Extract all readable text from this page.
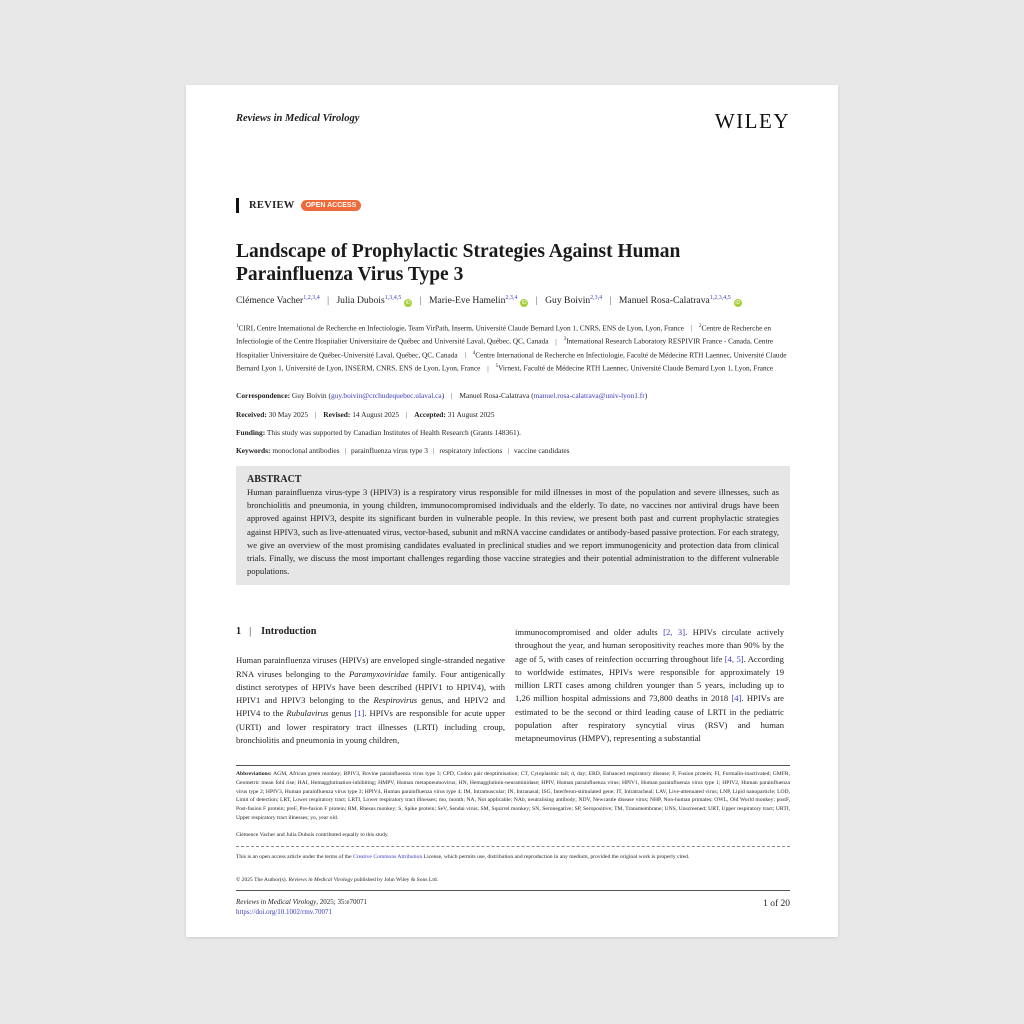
Reviews in Medical Virology	WILEY
REVIEW	OPEN ACCESS
Landscape of Prophylactic Strategies Against Human
Parainfluenza Virus Type 3
Clémence Vacher$^{1,2,3,4}$ | Julia Dubois$^{1,3,4,5}$iD | Marie-Eve Hamelin$^{2,3,4}$iD | Guy Boivin$^{2,3,4}$ | Manuel Rosa-Calatrava$^{1,2,3,4,5}$iD
$^1$CIRI, Centre International de Recherche en Infectiologie, Team VirPath, Inserm, Université Claude Bernard Lyon 1, CNRS, ENS de Lyon, Lyon, France | $^2$Centre de Recherche en Infectiologie of the Centre Hospitalier Universitaire de Québec and Université Laval, Québec, QC, Canada | $^3$International Research Laboratory RESPIVIR France - Canada, Centre Hospitalier Universitaire de Québec-Université Laval, Québec, QC, Canada | $^4$Centre International de Recherche en Infectiologie, Faculté de Médecine RTH Laennec, Université Claude Bernard Lyon 1, Université de Lyon, INSERM, CNRS, ENS de Lyon, Lyon, France | $^5$Virnext, Faculté de Médecine RTH Laennec, Université Claude Bernard Lyon 1, Lyon, France
Correspondence: Guy Boivin (guy.boivin@crchudequebec.ulaval.ca) | Manuel Rosa-Calatrava (manuel.rosa-calatrava@univ-lyon1.fr)
Received: 30 May 2025 | Revised: 14 August 2025 | Accepted: 31 August 2025
Funding: This study was supported by Canadian Institutes of Health Research (Grants 148361).
Keywords: monoclonal antibodies | parainfluenza virus type 3 | respiratory infections | vaccine candidates
ABSTRACT
Human parainfluenza virus-type 3 (HPIV3) is a respiratory virus responsible for mild illnesses in most of the population and severe illnesses, such as bronchiolitis and pneumonia, in young children, immunocompromised individuals and the elderly. To date, no vaccines nor antiviral drugs have been approved against HPIV3, despite its significant burden in vulnerable people. In this review, we present both past and current prophylactic strategies against HPIV3, such as live-attenuated virus, vector-based, subunit and mRNA vaccine candidates or antibody-based passive protection. For each strategy, we give an overview of the most promising candidates evaluated in preclinical studies and we report immunogenicity and protection data from clinical trials. Finally, we discuss the most important challenges regarding those vaccine strategies and their potential administration to the different vulnerable populations.
1 | Introduction
Human parainfluenza viruses (HPIVs) are enveloped single-stranded negative RNA viruses belonging to the Paramyxoviridae family. Four antigenically distinct serotypes of HPIVs have been described (HPIV1 to HPIV4), with HPIV1 and HPIV3 belonging to the Respirovirus genus, and HPIV2 and HPIV4 to the Rubulavirus genus [1]. HPIVs are responsible for acute upper (URTI) and lower respiratory tract illnesses (LRTI) including croup, bronchiolitis and pneumonia in young children,
immunocompromised and older adults [2, 3]. HPIVs circulate actively throughout the year, and human seropositivity reaches more than 90% by the age of 5, with cases of reinfection occurring throughout life [4, 5]. According to worldwide estimates, HPIVs were responsible for approximately 19 million LRTI cases among children younger than 5 years, including up to 1,26 million hospital admissions and 73,800 deaths in 2018 [4]. HPIVs are estimated to be the second or third leading cause of LRTI in the pediatric population after respiratory syncytial virus (RSV) and human metapneumovirus (HMPV), representing a substantial
Abbreviations: AGM, African green monkey; BPIV3, Bovine parainfluenza virus type 3; CPD, Codon pair deoptimisation; CT, Cytoplasmic tail; d, day; ERD, Enhanced respiratory disease; F, Fusion protein; FI, Formalin-inactivated; GMFR, Geometric mean fold rise; HAI, Hemagglutination-inhibiting; HMPV, Human metapneumovirus; HN, Hemagglutinin-neuraminidase; HPIV, Human parainfluenza virus; HPIV1, Human parainfluenza virus type 1; HPIV2, Human parainfluenza virus type 2; HPIV3, Human parainfluenza virus type 3; HPIV4, Human parainfluenza virus type 4; IM, Intramuscular; IN, Intranasal; ISG, Interferon-stimulated gene; IT, Intratracheal; LAV, Live-attenuated virus; LNP, Lipid nanoparticle; LOD, Limit of detection; LRT, Lower respiratory tract; LRTI, Lower respiratory tract illnesses; mo, month; NA, Not applicable; NAb, neutralising antibody; NDV, Newcastle disease virus; NHP, Non-human primates; OWL, Old World monkey; postF, Post-fusion F protein; preF, Pre-fusion F protein; RM, Rhesus monkey; S, Spike protein; SeV, Sendai virus; SM, Squirrel monkey; SN, Seronegative; SP, Seropositive; TM, Transmembrane; UNS, Unscreened; URT, Upper respiratory tract; URTI, Upper respiratory tract illnesses; yo, year old.
Clémence Vacher and Julia Dubois contributed equally to this study.
This is an open access article under the terms of the Creative Commons Attribution License, which permits use, distribution and reproduction in any medium, provided the original work is properly cited.
© 2025 The Author(s). Reviews in Medical Virology published by John Wiley & Sons Ltd.
Reviews in Medical Virology, 2025; 35:e70071
https://doi.org/10.1002/rmv.70071
1 of 20
